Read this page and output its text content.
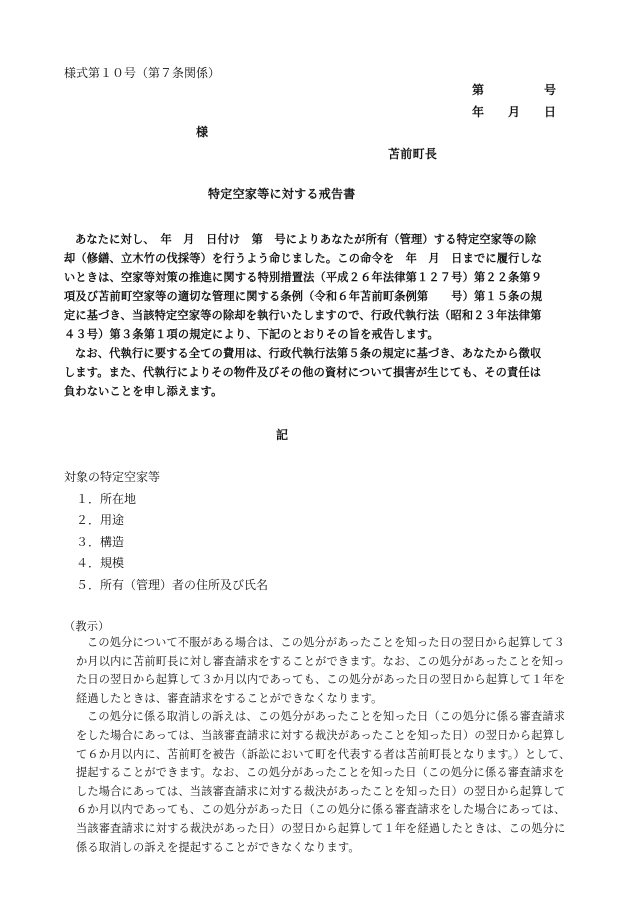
様式第１０号（第７条関係）
第	号
年 月 日
様
苫前町長
特定空家等に対する戒告書
あなたに対し、　年　月　日付け　第　号によりあなたが所有（管理）する特定空家等の除
却（修繕、立木竹の伐採等）を行うよう命じました。この命令を　年　月　日までに履行しな
いときは、空家等対策の推進に関する特別措置法（平成２６年法律第１２７号）第２２条第９
項及び苫前町空家等の適切な管理に関する条例（令和６年苫前町条例第　　号）第１５条の規
定に基づき、当該特定空家等の除却を執行いたしますので、行政代執行法（昭和２３年法律第
４３号）第３条第１項の規定により、下記のとおりその旨を戒告します。
なお、代執行に要する全ての費用は、行政代執行法第５条の規定に基づき、あなたから徴収
します。また、代執行によりその物件及びその他の資材について損害が生じても、その責任は
負わないことを申し添えます。
記
対象の特定空家等
１．所在地
２．用途
３．構造
４．規模
５．所有（管理）者の住所及び氏名
（教示）
この処分について不服がある場合は、この処分があったことを知った日の翌日から起算して３
か月以内に苫前町長に対し審査請求をすることができます。なお、この処分があったことを知っ
た日の翌日から起算して３か月以内であっても、この処分があった日の翌日から起算して１年を
経過したときは、審査請求をすることができなくなります。
この処分に係る取消しの訴えは、この処分があったことを知った日（この処分に係る審査請求
をした場合にあっては、当該審査請求に対する裁決があったことを知った日）の翌日から起算し
て６か月以内に、苫前町を被告（訴訟において町を代表する者は苫前町長となります。）として、
提起することができます。なお、この処分があったことを知った日（この処分に係る審査請求を
した場合にあっては、当該審査請求に対する裁決があったことを知った日）の翌日から起算して
６か月以内であっても、この処分があった日（この処分に係る審査請求をした場合にあっては、
当該審査請求に対する裁決があった日）の翌日から起算して１年を経過したときは、この処分に
係る取消しの訴えを提起することができなくなります。
